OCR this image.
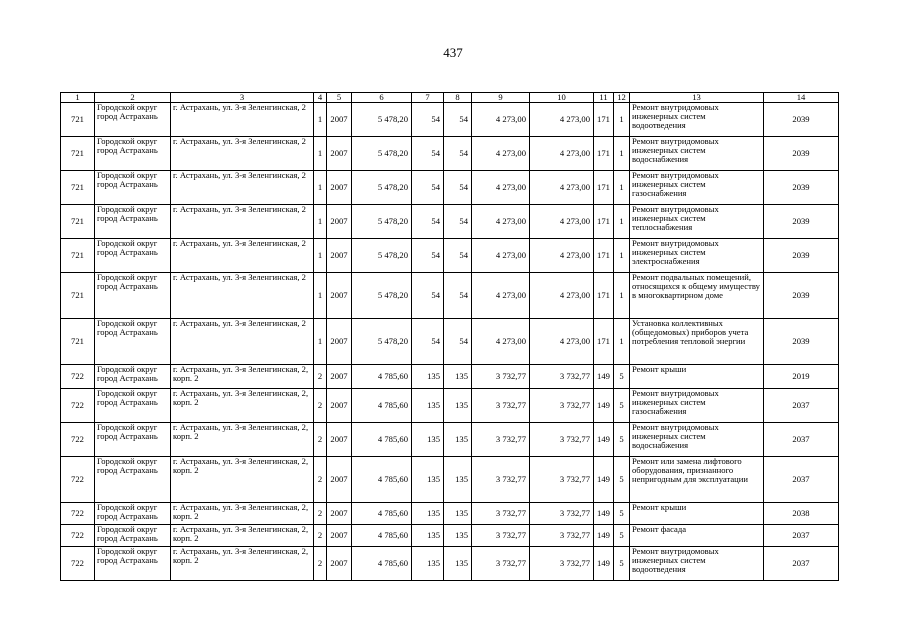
437
1	2	3	4	5	6	7	8	9	10	11	12	13	14
721	Городской округ город Астрахань	г. Астрахань, ул. 3-я Зеленгинская, 2	1	2007	5 478,20	54	54	4 273,00	4 273,00	171	1	Ремонт внутридомовых инженерных систем водоотведения	2039
721	Городской округ город Астрахань	г. Астрахань, ул. 3-я Зеленгинская, 2	1	2007	5 478,20	54	54	4 273,00	4 273,00	171	1	Ремонт внутридомовых инженерных систем водоснабжения	2039
721	Городской округ город Астрахань	г. Астрахань, ул. 3-я Зеленгинская, 2	1	2007	5 478,20	54	54	4 273,00	4 273,00	171	1	Ремонт внутридомовых инженерных систем газоснабжения	2039
721	Городской округ город Астрахань	г. Астрахань, ул. 3-я Зеленгинская, 2	1	2007	5 478,20	54	54	4 273,00	4 273,00	171	1	Ремонт внутридомовых инженерных систем теплоснабжения	2039
721	Городской округ город Астрахань	г. Астрахань, ул. 3-я Зеленгинская, 2	1	2007	5 478,20	54	54	4 273,00	4 273,00	171	1	Ремонт внутридомовых инженерных систем электроснабжения	2039
721	Городской округ город Астрахань	г. Астрахань, ул. 3-я Зеленгинская, 2	1	2007	5 478,20	54	54	4 273,00	4 273,00	171	1	Ремонт подвальных помещений, относящихся к общему имуществу в многоквартирном доме	2039
721	Городской округ город Астрахань	г. Астрахань, ул. 3-я Зеленгинская, 2	1	2007	5 478,20	54	54	4 273,00	4 273,00	171	1	Установка коллективных (общедомовых) приборов учета потребления тепловой энергии	2039
722	Городской округ город Астрахань	г. Астрахань, ул. 3-я Зеленгинская, 2, корп. 2	2	2007	4 785,60	135	135	3 732,77	3 732,77	149	5	Ремонт крыши	2019
722	Городской округ город Астрахань	г. Астрахань, ул. 3-я Зеленгинская, 2, корп. 2	2	2007	4 785,60	135	135	3 732,77	3 732,77	149	5	Ремонт внутридомовых инженерных систем газоснабжения	2037
722	Городской округ город Астрахань	г. Астрахань, ул. 3-я Зеленгинская, 2, корп. 2	2	2007	4 785,60	135	135	3 732,77	3 732,77	149	5	Ремонт внутридомовых инженерных систем водоснабжения	2037
722	Городской округ город Астрахань	г. Астрахань, ул. 3-я Зеленгинская, 2, корп. 2	2	2007	4 785,60	135	135	3 732,77	3 732,77	149	5	Ремонт или замена лифтового оборудования, признанного непригодным для эксплуатации	2037
722	Городской округ город Астрахань	г. Астрахань, ул. 3-я Зеленгинская, 2, корп. 2	2	2007	4 785,60	135	135	3 732,77	3 732,77	149	5	Ремонт крыши	2038
722	Городской округ город Астрахань	г. Астрахань, ул. 3-я Зеленгинская, 2, корп. 2	2	2007	4 785,60	135	135	3 732,77	3 732,77	149	5	Ремонт фасада	2037
722	Городской округ город Астрахань	г. Астрахань, ул. 3-я Зеленгинская, 2, корп. 2	2	2007	4 785,60	135	135	3 732,77	3 732,77	149	5	Ремонт внутридомовых инженерных систем водоотведения	2037
